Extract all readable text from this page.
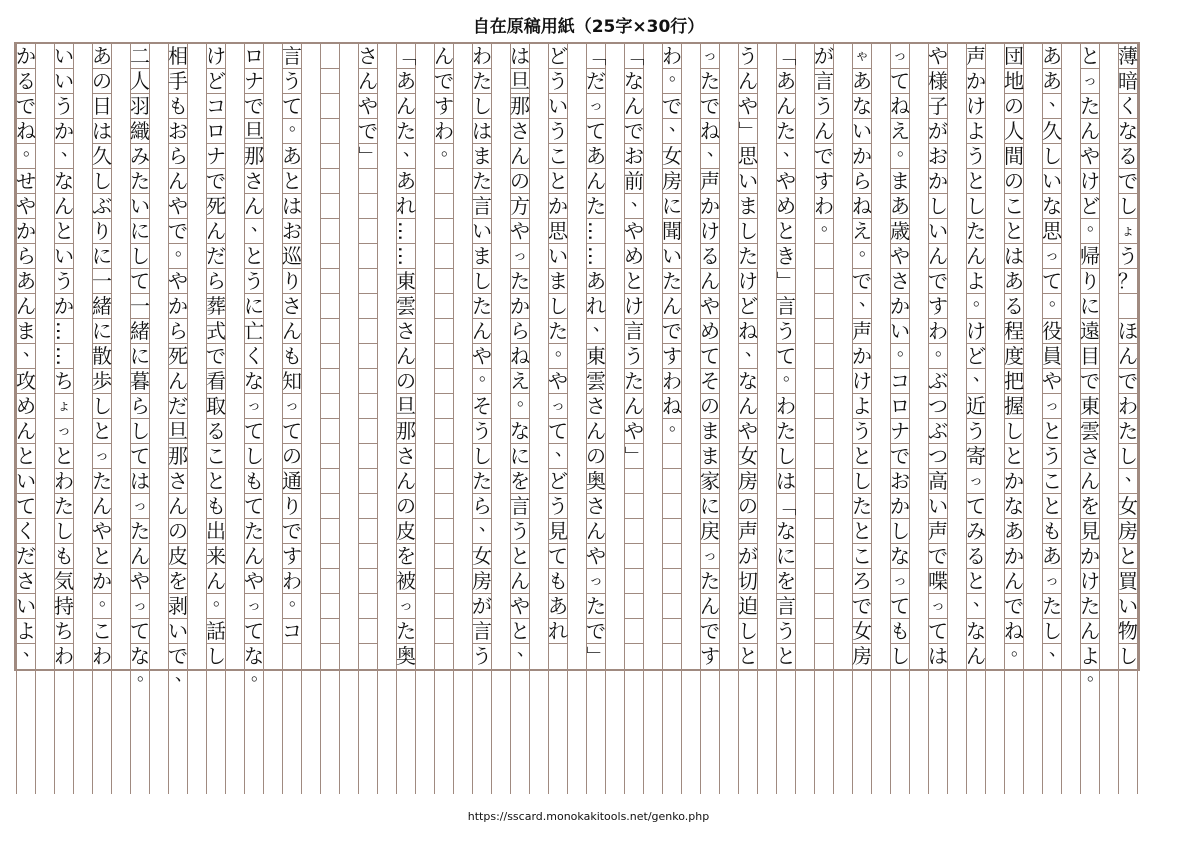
自在原稿用紙（25字×30行）
薄
暗
く
な
る
で
し
ょ
う
？
ほ
ん
で
わ
た
し
、
女
房
と
買
い
物
し
と
っ
た
ん
や
け
ど
。
帰
り
に
遠
目
で
東
雲
さ
ん
を
見
か
け
た
ん
よ
。
あ
あ
、
久
し
い
な
思
っ
て
。
役
員
や
っ
と
う
こ
と
も
あ
っ
た
し
、
団
地
の
人
間
の
こ
と
は
あ
る
程
度
把
握
し
と
か
な
あ
か
ん
で
ね
。
声
か
け
よ
う
と
し
た
ん
よ
。
け
ど
、
近
う
寄
っ
て
み
る
と
、
な
ん
や
様
子
が
お
か
し
い
ん
で
す
わ
。
ぶ
つ
ぶ
つ
高
い
声
で
喋
っ
て
は
っ
て
ね
え
。
ま
あ
歳
や
さ
か
い
。
コ
ロ
ナ
で
お
か
し
な
っ
て
も
し
ゃ
あ
な
い
か
ら
ね
え
。
で
、
声
か
け
よ
う
と
し
た
と
こ
ろ
で
女
房
が
言
う
ん
で
す
わ
。
「
あ
ん
た
、
や
め
と
き
」
言
う
て
。
わ
た
し
は
「
な
に
を
言
う
と
う
ん
や
」
思
い
ま
し
た
け
ど
ね
、
な
ん
や
女
房
の
声
が
切
迫
し
と
っ
た
で
ね
、
声
か
け
る
ん
や
め
て
そ
の
ま
ま
家
に
戻
っ
た
ん
で
す
わ
。
で
、
女
房
に
聞
い
た
ん
で
す
わ
ね
。
「
な
ん
で
お
前
、
や
め
と
け
言
う
た
ん
や
」
「
だ
っ
て
あ
ん
た
…
…
あ
れ
、
東
雲
さ
ん
の
奥
さ
ん
や
っ
た
で
」
ど
う
い
う
こ
と
か
思
い
ま
し
た
。
や
っ
て
、
ど
う
見
て
も
あ
れ
は
旦
那
さ
ん
の
方
や
っ
た
か
ら
ね
え
。
な
に
を
言
う
と
ん
や
と
、
わ
た
し
は
ま
た
言
い
ま
し
た
ん
や
。
そ
う
し
た
ら
、
女
房
が
言
う
ん
で
す
わ
。
「
あ
ん
た
、
あ
れ
…
…
東
雲
さ
ん
の
旦
那
さ
ん
の
皮
を
被
っ
た
奥
さ
ん
や
で
」
言
う
て
。
あ
と
は
お
巡
り
さ
ん
も
知
っ
て
の
通
り
で
す
わ
。
コ
ロ
ナ
で
旦
那
さ
ん
、
と
う
に
亡
く
な
っ
て
し
も
て
た
ん
や
っ
て
な
。
け
ど
コ
ロ
ナ
で
死
ん
だ
ら
葬
式
で
看
取
る
こ
と
も
出
来
ん
。
話
し
相
手
も
お
ら
ん
や
で
。
や
か
ら
死
ん
だ
旦
那
さ
ん
の
皮
を
剥
い
で
、
二
人
羽
織
み
た
い
に
し
て
一
緒
に
暮
ら
し
て
は
っ
た
ん
や
っ
て
な
。
あ
の
日
は
久
し
ぶ
り
に
一
緒
に
散
歩
し
と
っ
た
ん
や
と
か
。
こ
わ
い
い
う
か
、
な
ん
と
い
う
か
…
…
ち
ょ
っ
と
わ
た
し
も
気
持
ち
わ
か
る
で
ね
。
せ
や
か
ら
あ
ん
ま
、
攻
め
ん
と
い
て
く
だ
さ
い
よ
、
https://sscard.monokakitools.net/genko.php
